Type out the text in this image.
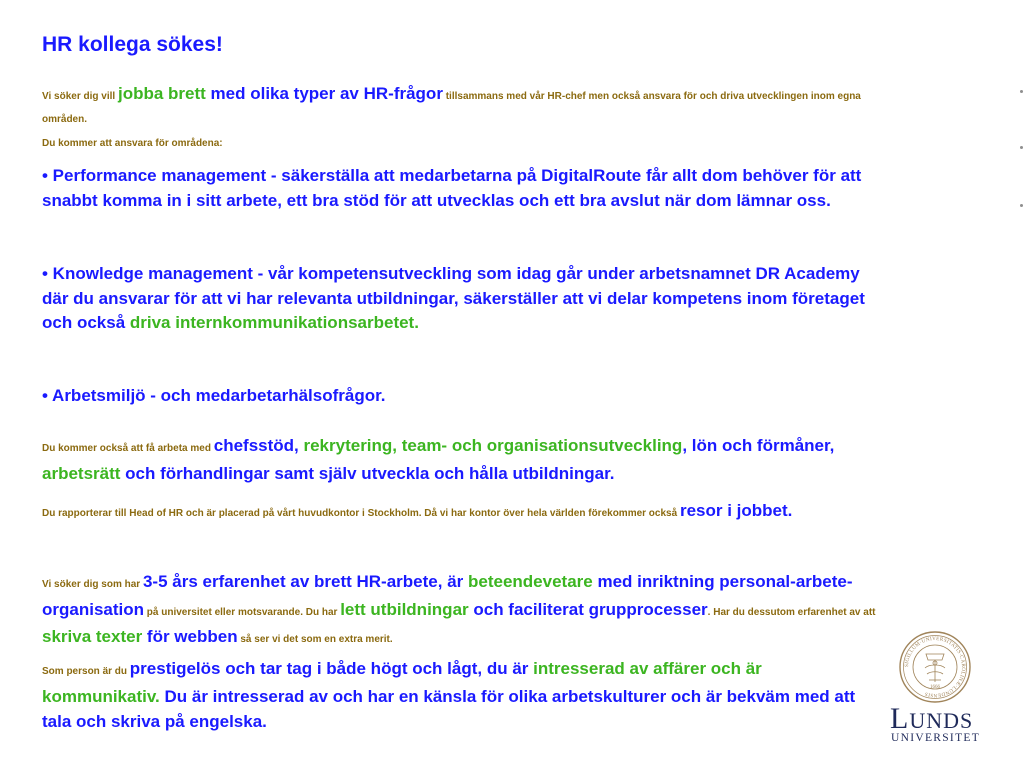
HR kollega sökes!

Vi söker dig vill jobba brett med olika typer av HR-frågor tillsammans med vår HR-chef men också ansvara för och driva utvecklingen inom egna områden.

Du kommer att ansvara för områdena:

• Performance management - säkerställa att medarbetarna på DigitalRoute får allt dom behöver för att snabbt komma in i sitt arbete, ett bra stöd för att utvecklas och ett bra avslut när dom lämnar oss.

• Knowledge management - vår kompetensutveckling som idag går under arbetsnamnet DR Academy där du ansvarar för att vi har relevanta utbildningar, säkerställer att vi delar kompetens inom företaget och också driva internkommunikationsarbetet.

• Arbetsmiljö - och medarbetarhälsofrågor.

Du kommer också att få arbeta med chefsstöd, rekrytering, team- och organisationsutveckling, lön och förmåner, arbetsrätt och förhandlingar samt själv utveckla och hålla utbildningar.

Du rapporterar till Head of HR och är placerad på vårt huvudkontor i Stockholm. Då vi har kontor över hela världen förekommer också resor i jobbet.

Vi söker dig som har 3-5 års erfarenhet av brett HR-arbete, är beteendevetare med inriktning personal-arbete-organisation på universitet eller motsvarande. Du har lett utbildningar och faciliterat grupprocesser. Har du dessutom erfarenhet av att skriva texter för webben så ser vi det som en extra merit.

Som person är du prestigelös och tar tag i både högt och lågt, du är intresserad av affärer och är kommunikativ. Du är intresserad av och har en känsla för olika arbetskulturer och är bekväm med att tala och skriva på engelska.

SIGILLUM·UNIVERSITATIS·CAROLINÆ·LUNDENSIS
1666
LUNDS
UNIVERSITET
